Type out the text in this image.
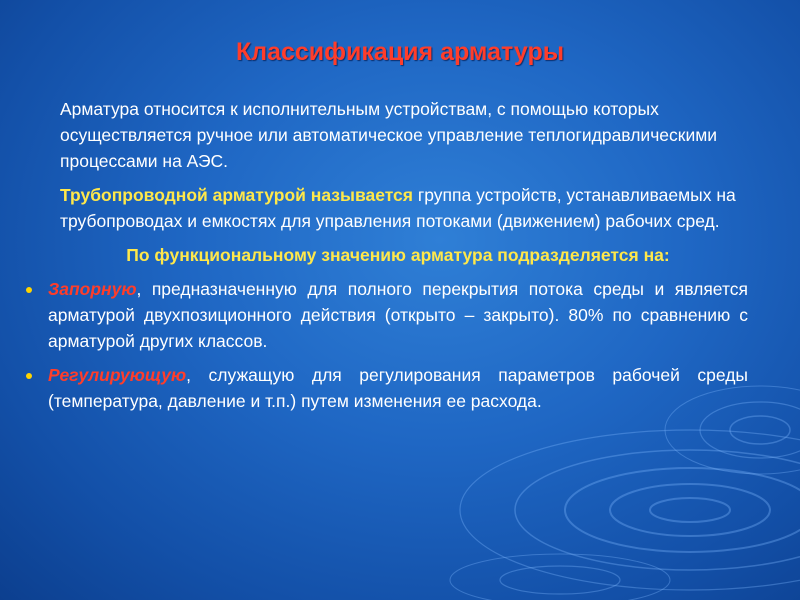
Классификация арматуры

Арматура относится к исполнительным устройствам, с помощью которых осуществляется ручное или автоматическое управление теплогидравлическими процессами на АЭС.

Трубопроводной арматурой называется группа устройств, устанавливаемых на трубопроводах и емкостях для управления потоками (движением) рабочих сред.

По функциональному значению арматура подразделяется на:

Запорную, предназначенную для полного перекрытия потока среды и является арматурой двухпозиционного действия (открыто – закрыто). 80% по сравнению с арматурой других классов.
Регулирующую, служащую для регулирования параметров рабочей среды (температура, давление и т.п.) путем изменения ее расхода.
